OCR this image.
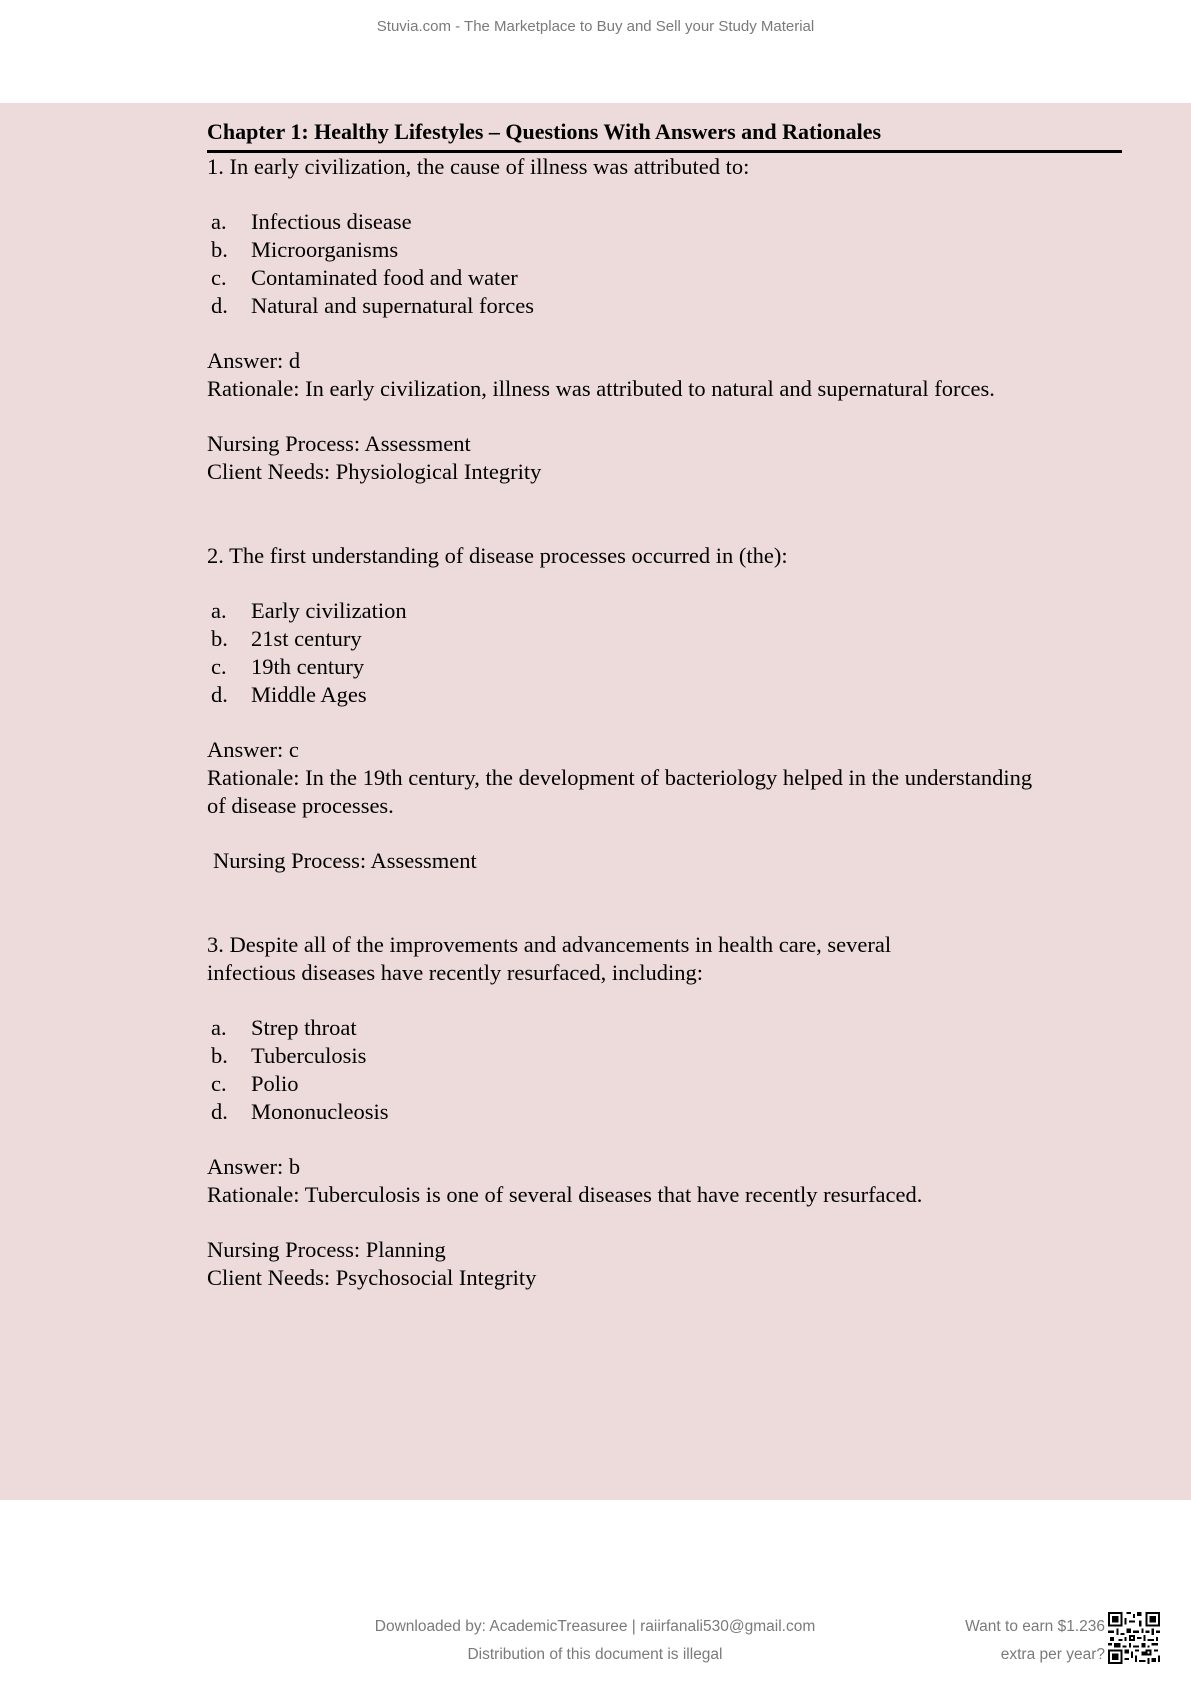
Stuvia.com - The Marketplace to Buy and Sell your Study Material
Chapter 1: Healthy Lifestyles – Questions With Answers and Rationales
1. In early civilization, the cause of illness was attributed to:
a.	Infectious disease
b.	Microorganisms
c.	Contaminated food and water
d.	Natural and supernatural forces
Answer: d
Rationale: In early civilization, illness was attributed to natural and supernatural forces.
Nursing Process: Assessment
Client Needs: Physiological Integrity
2. The first understanding of disease processes occurred in (the):
a.	Early civilization
b.	21st century
c.	19th century
d.	Middle Ages
Answer: c
Rationale: In the 19th century, the development of bacteriology helped in the understanding
of disease processes.
Nursing Process: Assessment
3. Despite all of the improvements and advancements in health care, several
infectious diseases have recently resurfaced, including:
a.	Strep throat
b.	Tuberculosis
c.	Polio
d.	Mononucleosis
Answer: b
Rationale: Tuberculosis is one of several diseases that have recently resurfaced.
Nursing Process: Planning
Client Needs: Psychosocial Integrity
Downloaded by: AcademicTreasuree | raiirfanali530@gmail.com
Distribution of this document is illegal
Want to earn $1.236
extra per year?
